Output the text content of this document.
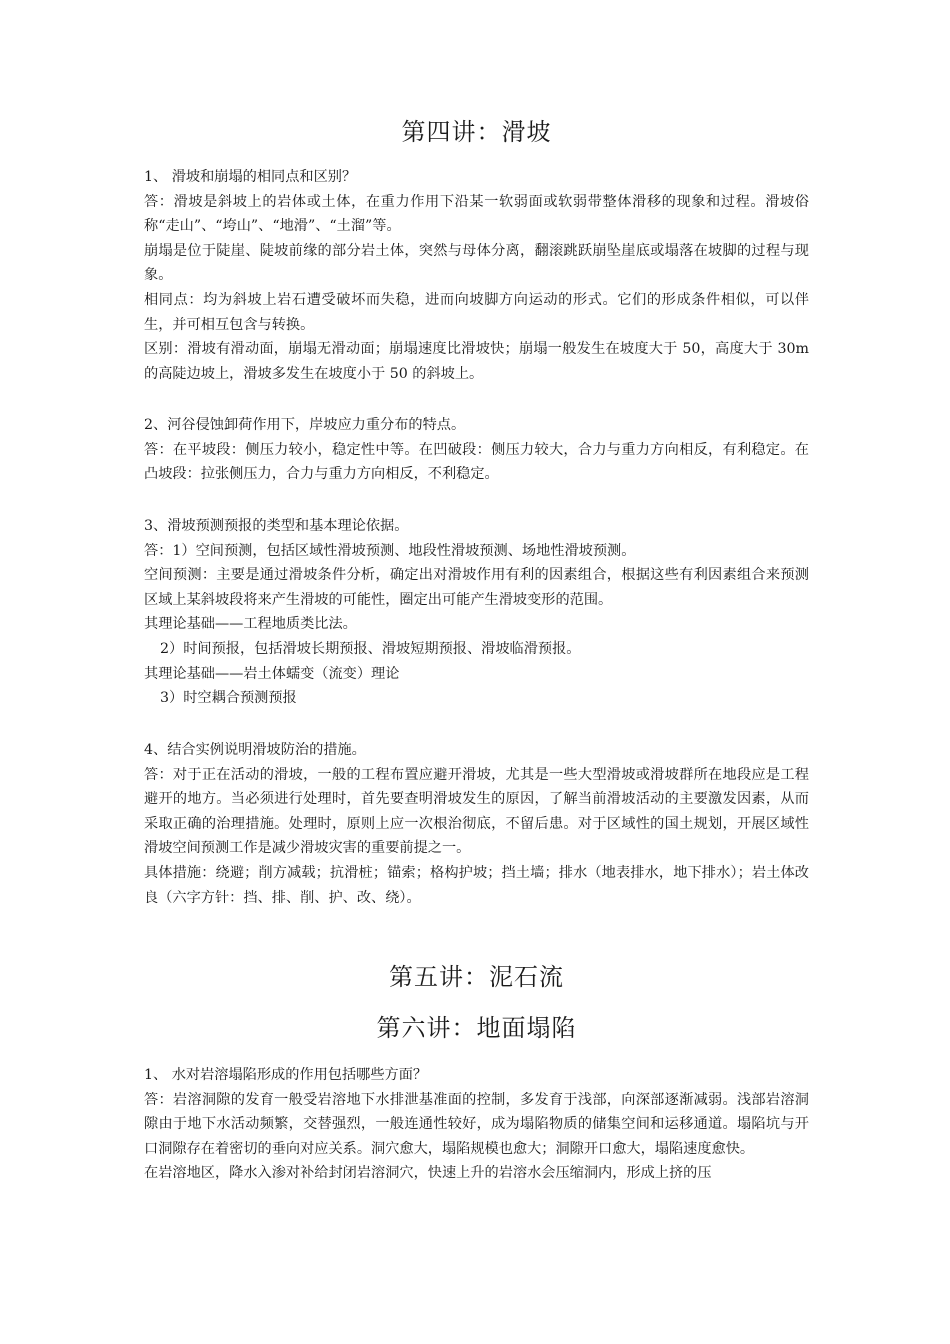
第四讲：滑坡

1、 滑坡和崩塌的相同点和区别？

答：滑坡是斜坡上的岩体或土体，在重力作用下沿某一软弱面或软弱带整体滑移的现象和过程。滑坡俗称“走山”、“垮山”、“地滑”、“土溜”等。

崩塌是位于陡崖、陡坡前缘的部分岩土体，突然与母体分离，翻滚跳跃崩坠崖底或塌落在坡脚的过程与现象。

相同点：均为斜坡上岩石遭受破坏而失稳，进而向坡脚方向运动的形式。它们的形成条件相似，可以伴生，并可相互包含与转换。

区别：滑坡有滑动面，崩塌无滑动面；崩塌速度比滑坡快；崩塌一般发生在坡度大于 50，高度大于 30m 的高陡边坡上，滑坡多发生在坡度小于 50 的斜坡上。

2、河谷侵蚀卸荷作用下，岸坡应力重分布的特点。

答：在平坡段：侧压力较小，稳定性中等。在凹破段：侧压力较大，合力与重力方向相反，有利稳定。在凸坡段：拉张侧压力，合力与重力方向相反，不利稳定。

3、滑坡预测预报的类型和基本理论依据。

答：1）空间预测，包括区域性滑坡预测、地段性滑坡预测、场地性滑坡预测。

空间预测：主要是通过滑坡条件分析，确定出对滑坡作用有利的因素组合，根据这些有利因素组合来预测区域上某斜坡段将来产生滑坡的可能性，圈定出可能产生滑坡变形的范围。

其理论基础——工程地质类比法。

2）时间预报，包括滑坡长期预报、滑坡短期预报、滑坡临滑预报。

其理论基础——岩土体蠕变（流变）理论

3）时空耦合预测预报

4、结合实例说明滑坡防治的措施。

答：对于正在活动的滑坡，一般的工程布置应避开滑坡，尤其是一些大型滑坡或滑坡群所在地段应是工程避开的地方。当必须进行处理时，首先要查明滑坡发生的原因，了解当前滑坡活动的主要激发因素，从而采取正确的治理措施。处理时，原则上应一次根治彻底，不留后患。对于区域性的国土规划，开展区域性滑坡空间预测工作是减少滑坡灾害的重要前提之一。

具体措施：绕避；削方减载；抗滑桩；锚索；格构护坡；挡土墙；排水（地表排水，地下排水）；岩土体改良（六字方针：挡、排、削、护、改、绕）。

第五讲：泥石流
第六讲：地面塌陷

1、 水对岩溶塌陷形成的作用包括哪些方面？

答：岩溶洞隙的发育一般受岩溶地下水排泄基准面的控制，多发育于浅部，向深部逐渐减弱。浅部岩溶洞隙由于地下水活动频繁，交替强烈，一般连通性较好，成为塌陷物质的储集空间和运移通道。塌陷坑与开口洞隙存在着密切的垂向对应关系。洞穴愈大，塌陷规模也愈大；洞隙开口愈大，塌陷速度愈快。

在岩溶地区，降水入渗对补给封闭岩溶洞穴，快速上升的岩溶水会压缩洞内，形成上挤的压
